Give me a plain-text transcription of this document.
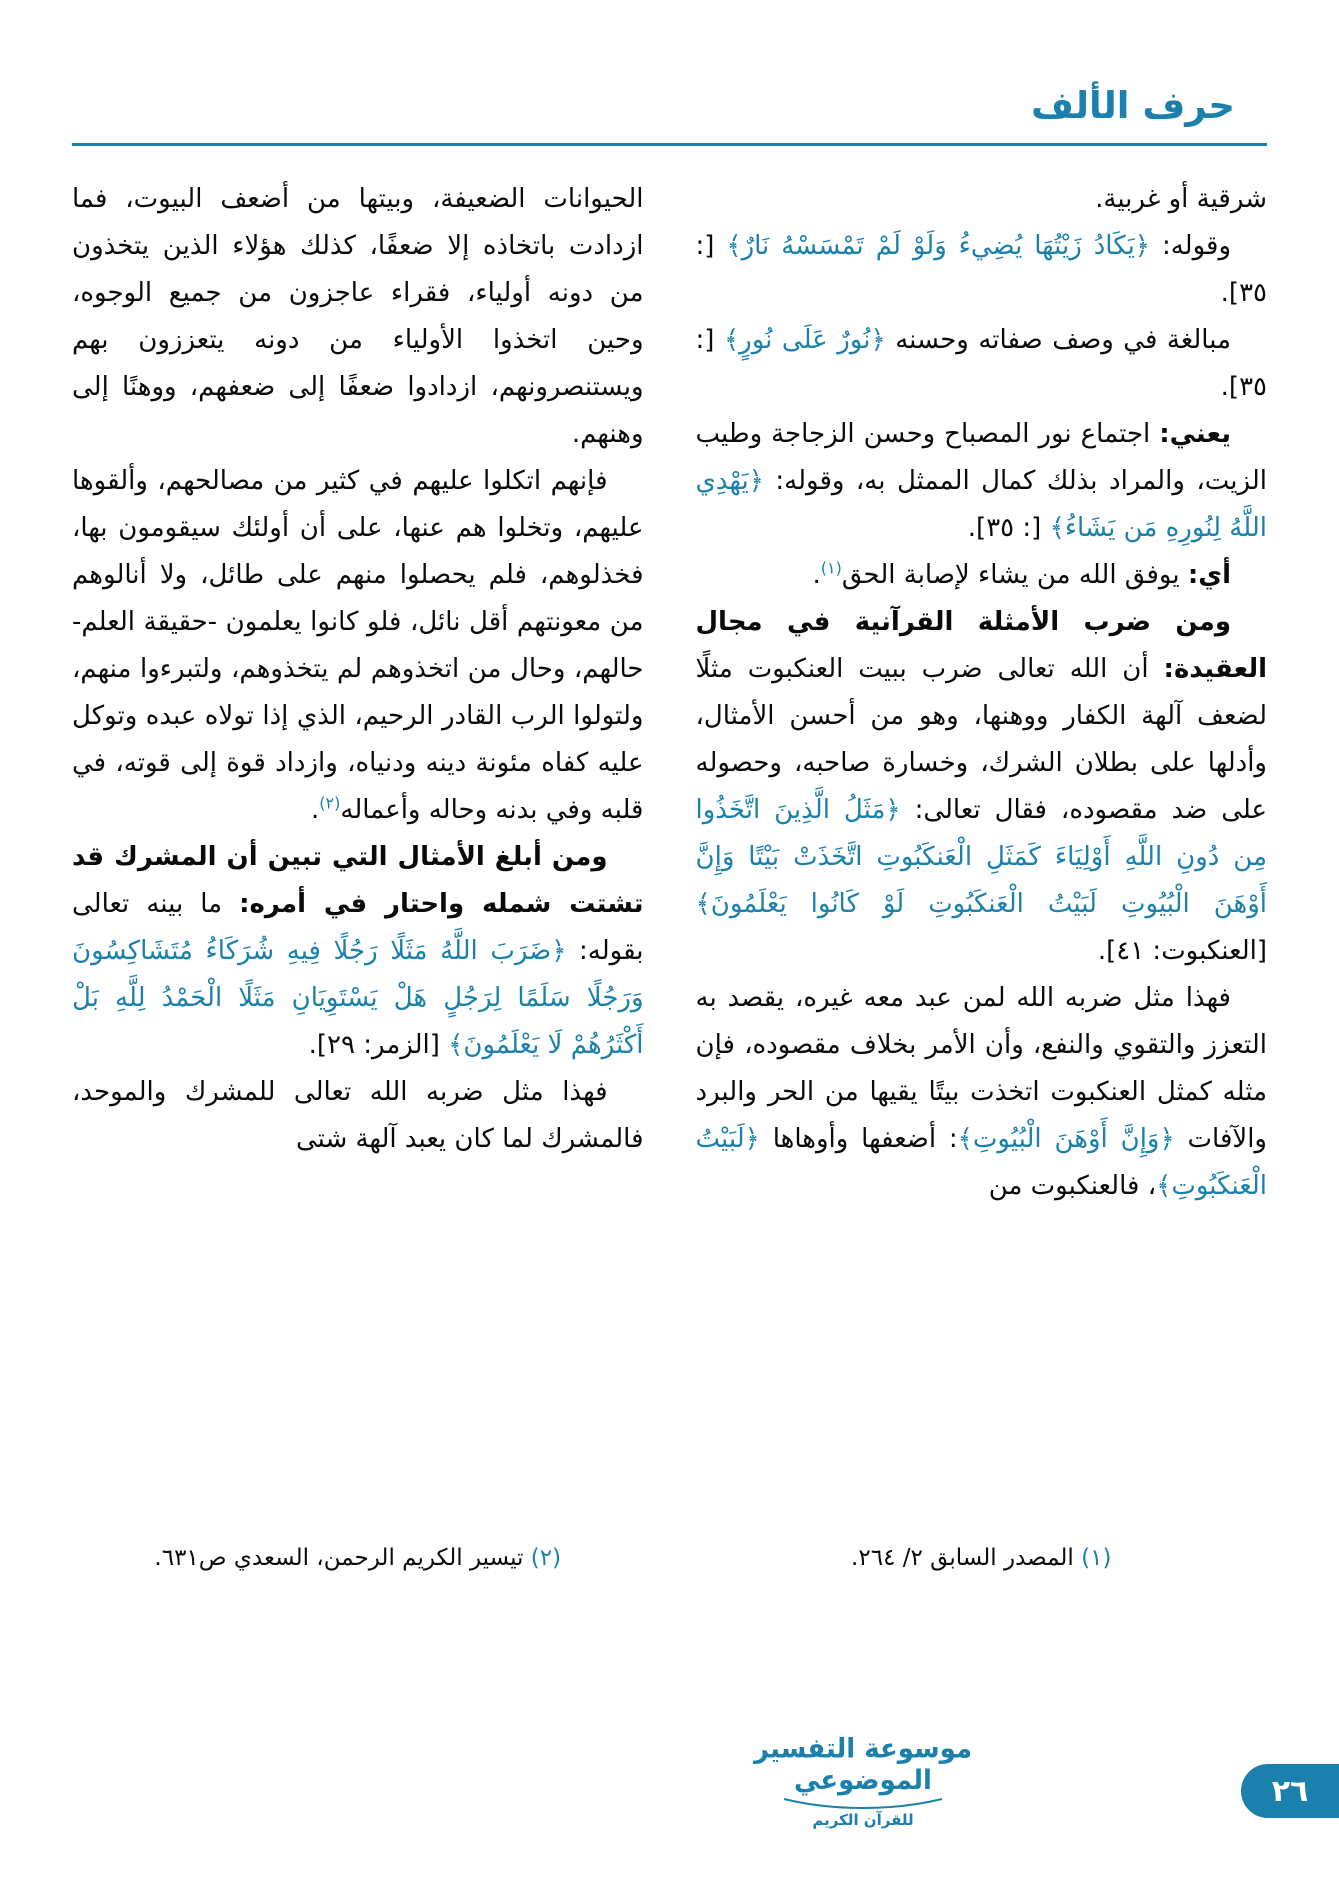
حرف الألف

شرقية أو غربية.

وقوله: ﴿يَكَادُ زَيْتُهَا يُضِيءُ وَلَوْ لَمْ تَمْسَسْهُ نَارٌ﴾ [: ٣٥].

مبالغة في وصف صفاته وحسنه ﴿نُورٌ عَلَى نُورٍ﴾ [: ٣٥].

يعني: اجتماع نور المصباح وحسن الزجاجة وطيب الزيت، والمراد بذلك كمال الممثل به، وقوله: ﴿يَهْدِي اللَّهُ لِنُورِهِ مَن يَشَاءُ﴾ [: ٣٥].

أي: يوفق الله من يشاء لإصابة الحق$^{(١)}$.

ومن ضرب الأمثلة القرآنية في مجال العقيدة: أن الله تعالى ضرب ببيت العنكبوت مثلًا لضعف آلهة الكفار ووهنها، وهو من أحسن الأمثال، وأدلها على بطلان الشرك، وخسارة صاحبه، وحصوله على ضد مقصوده، فقال تعالى: ﴿مَثَلُ الَّذِينَ اتَّخَذُوا مِن دُونِ اللَّهِ أَوْلِيَاءَ كَمَثَلِ الْعَنكَبُوتِ اتَّخَذَتْ بَيْتًا وَإِنَّ أَوْهَنَ الْبُيُوتِ لَبَيْتُ الْعَنكَبُوتِ لَوْ كَانُوا يَعْلَمُونَ﴾ [العنكبوت: ٤١].

فهذا مثل ضربه الله لمن عبد معه غيره، يقصد به التعزز والتقوي والنفع، وأن الأمر بخلاف مقصوده، فإن مثله كمثل العنكبوت اتخذت بيتًا يقيها من الحر والبرد والآفات ﴿وَإِنَّ أَوْهَنَ الْبُيُوتِ﴾: أضعفها وأوهاها ﴿لَبَيْتُ الْعَنكَبُوتِ﴾، فالعنكبوت من

الحيوانات الضعيفة، وبيتها من أضعف البيوت، فما ازدادت باتخاذه إلا ضعفًا، كذلك هؤلاء الذين يتخذون من دونه أولياء، فقراء عاجزون من جميع الوجوه، وحين اتخذوا الأولياء من دونه يتعززون بهم ويستنصرونهم، ازدادوا ضعفًا إلى ضعفهم، ووهنًا إلى وهنهم.

فإنهم اتكلوا عليهم في كثير من مصالحهم، وألقوها عليهم، وتخلوا هم عنها، على أن أولئك سيقومون بها، فخذلوهم، فلم يحصلوا منهم على طائل، ولا أنالوهم من معونتهم أقل نائل، فلو كانوا يعلمون -حقيقة العلم- حالهم، وحال من اتخذوهم لم يتخذوهم، ولتبرءوا منهم، ولتولوا الرب القادر الرحيم، الذي إذا تولاه عبده وتوكل عليه كفاه مئونة دينه ودنياه، وازداد قوة إلى قوته، في قلبه وفي بدنه وحاله وأعماله$^{(٢)}$.

ومن أبلغ الأمثال التي تبين أن المشرك قد تشتت شمله واحتار في أمره: ما بينه تعالى بقوله: ﴿ضَرَبَ اللَّهُ مَثَلًا رَجُلًا فِيهِ شُرَكَاءُ مُتَشَاكِسُونَ وَرَجُلًا سَلَمًا لِرَجُلٍ هَلْ يَسْتَوِيَانِ مَثَلًا الْحَمْدُ لِلَّهِ بَلْ أَكْثَرُهُمْ لَا يَعْلَمُونَ﴾ [الزمر: ٢٩].

فهذا مثل ضربه الله تعالى للمشرك والموحد، فالمشرك لما كان يعبد آلهة شتى

(١) المصدر السابق ٢/ ٢٦٤.
(٢) تيسير الكريم الرحمن، السعدي ص٦٣١.
موسوعة التفسير الموضوعي
للقرآن الكريم
٢٦
